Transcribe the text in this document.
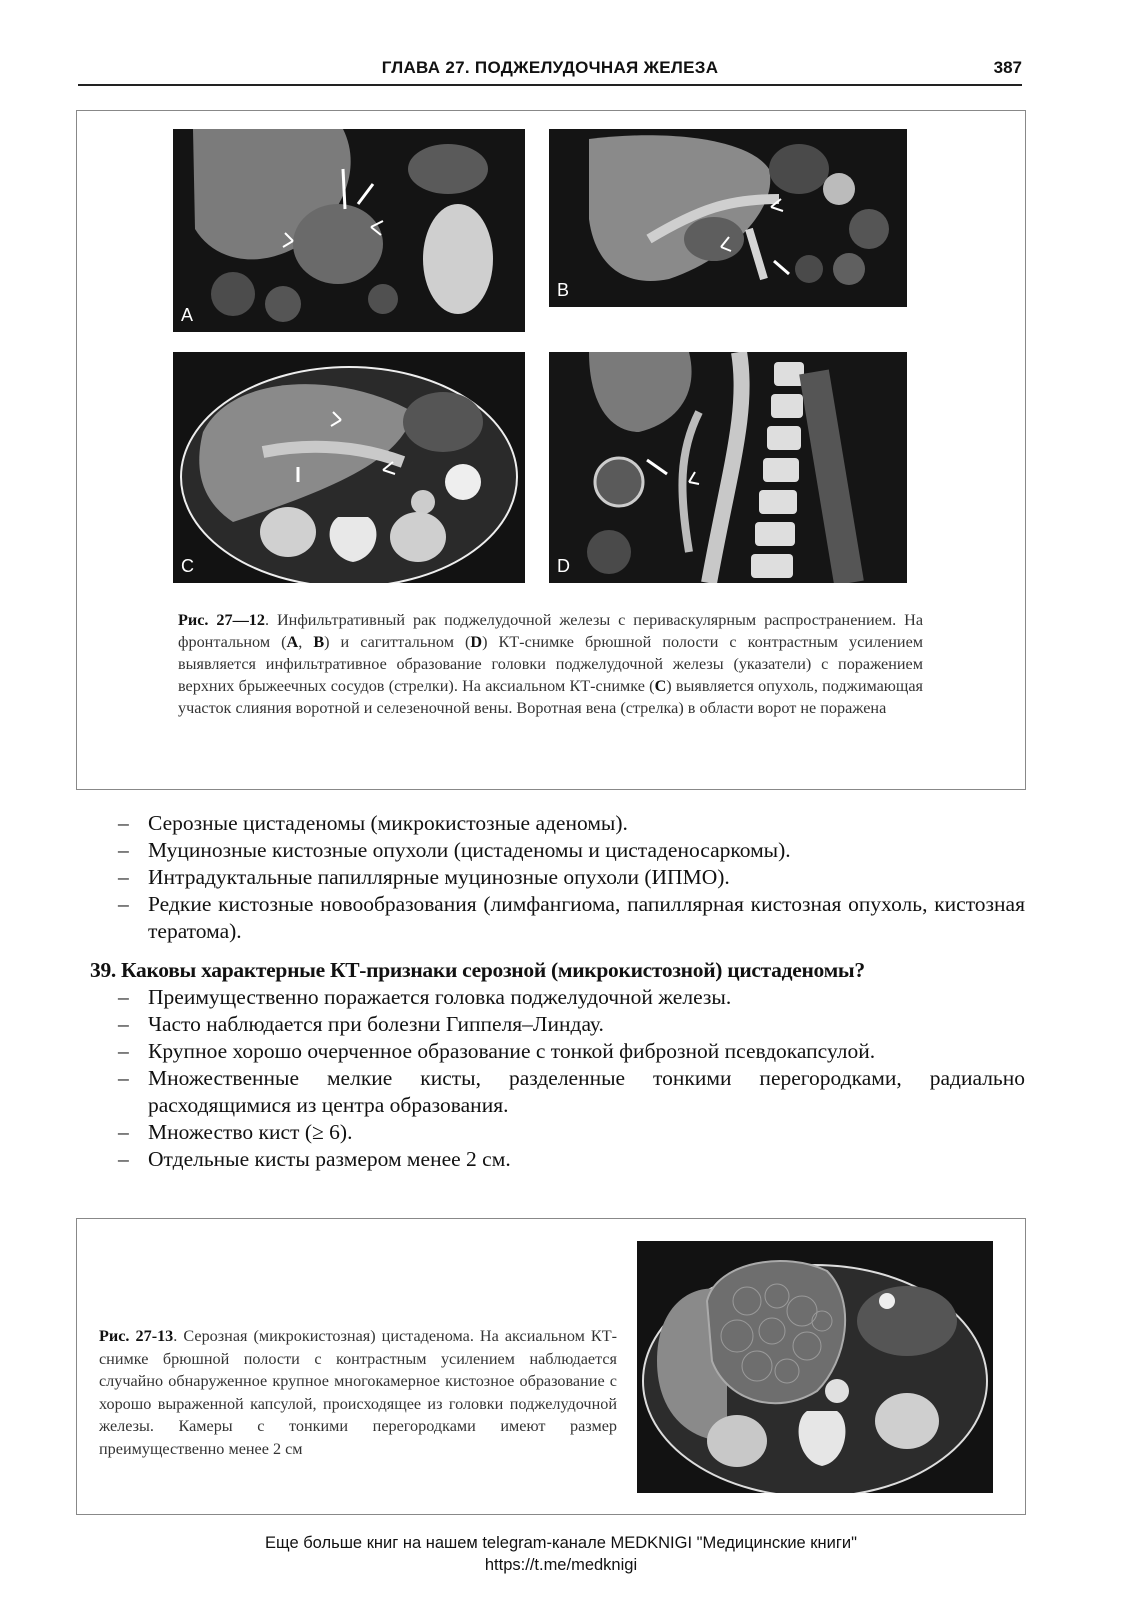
ГЛАВА 27. ПОДЖЕЛУДОЧНАЯ ЖЕЛЕЗА	387
A
B
C	D
Рис. 27—12. Инфильтративный рак поджелудочной железы с периваскулярным распространением. На фронтальном (A, B) и сагиттальном (D) КТ-снимке брюшной полости с контрастным усилением выявляется инфильтративное образование головки поджелудочной железы (указатели) с поражением верхних брыжеечных сосудов (стрелки). На аксиальном КТ-снимке (C) выявляется опухоль, поджимающая участок слияния воротной и селезеночной вены. Воротная вена (стрелка) в области ворот не поражена
– Серозные цистаденомы (микрокистозные аденомы).
– Муцинозные кистозные опухоли (цистаденомы и цистаденосаркомы).
– Интрадуктальные папиллярные муцинозные опухоли (ИПМО).
– Редкие кистозные новообразования (лимфангиома, папиллярная кистозная опухоль, кистозная тератома).
39. Каковы характерные КТ-признаки серозной (микрокистозной) цистаденомы?
– Преимущественно поражается головка поджелудочной железы.
– Часто наблюдается при болезни Гиппеля–Линдау.
– Крупное хорошо очерченное образование с тонкой фиброзной псевдокапсулой.
– Множественные мелкие кисты, разделенные тонкими перегородками, радиально расходящимися из центра образования.
– Множество кист (≥ 6).
– Отдельные кисты размером менее 2 см.
Рис. 27-13. Серозная (микрокистозная) цистаденома. На аксиальном КТ-снимке брюшной полости с контрастным усилением наблюдается случайно обнаруженное крупное многокамерное кистозное образование с хорошо выраженной капсулой, происходящее из головки поджелудочной железы. Камеры с тонкими перегородками имеют размер преимущественно менее 2 см
Еще больше книг на нашем telegram-канале MEDKNIGI "Медицинские книги"
https://t.me/medknigi
